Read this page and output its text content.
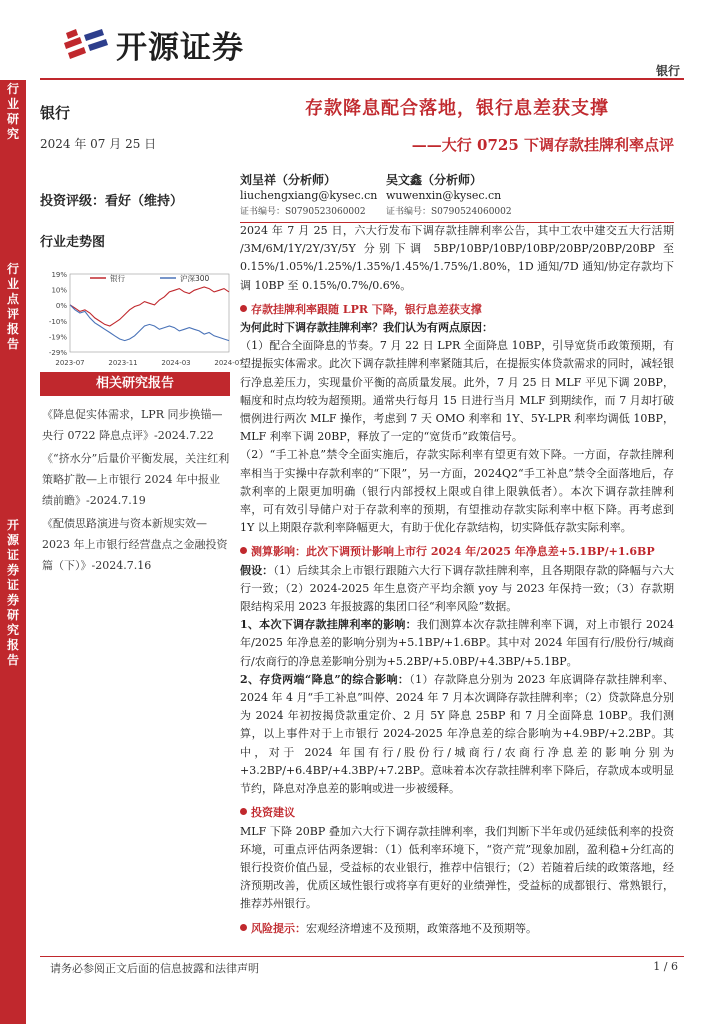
开源证券
银行
行业研究
行业点评报告
开源证券 证券研究报告
银行
2024 年 07 月 25 日
投资评级：看好（维持）
行业走势图
19%
10%
0%
-10%
-19%
-29%
2023-07	2023-11	2024-03	2024-07
银行	沪深300
相关研究报告
《降息促实体需求，LPR 同步换锚—央行 0722 降息点评》-2024.7.22
《“挤水分”后量价平衡发展，关注红利策略扩散—上市银行 2024 年中报业绩前瞻》-2024.7.19
《配债思路演进与资本新规实效—2023 年上市银行经营盘点之金融投资篇（下）》-2024.7.16
存款降息配合落地，银行息差获支撑
——大行 0725 下调存款挂牌利率点评
刘呈祥（分析师）
liuchengxiang@kysec.cn
证书编号：S0790523060002
吴文鑫（分析师）
wuwenxin@kysec.cn
证书编号：S0790524060002

2024 年 7 月 25 日，六大行发布下调存款挂牌利率公告，其中工农中建交五大行活期 /3M/6M/1Y/2Y/3Y/5Y 分别下调 5BP/10BP/10BP/10BP/20BP/20BP/20BP 至 0.15%/1.05%/1.25%/1.35%/1.45%/1.75%/1.80%，1D 通知/7D 通知/协定存款均下调 10BP 至 0.15%/0.7%/0.6%。

存款挂牌利率跟随 LPR 下降，银行息差获支撑

为何此时下调存款挂牌利率？我们认为有两点原因：

（1）配合全面降息的节奏。7 月 22 日 LPR 全面降息 10BP，引导宽货币政策预期，有望提振实体需求。此次下调存款挂牌利率紧随其后，在提振实体贷款需求的同时，减轻银行净息差压力，实现量价平衡的高质量发展。此外，7 月 25 日 MLF 平见下调 20BP，幅度和时点均较为超预期。通常央行每月 15 日进行当月 MLF 到期续作，而 7 月却打破惯例进行两次 MLF 操作，考虑到 7 天 OMO 利率和 1Y、5Y-LPR 利率均调低 10BP，MLF 利率下调 20BP，释放了一定的“宽货币”政策信号。

（2）“手工补息”禁令全面实施后，存款实际利率有望更有效下降。一方面，存款挂牌利率相当于实操中存款利率的“下限”，另一方面，2024Q2“手工补息”禁令全面落地后，存款利率的上限更加明确（银行内部授权上限或自律上限孰低者）。本次下调存款挂牌利率，可有效引导储户对于存款利率的预期，有望推动存款实际利率中枢下降。再考虑到 1Y 以上期限存款利率降幅更大，有助于优化存款结构，切实降低存款实际利率。

测算影响：此次下调预计影响上市行 2024 年/2025 年净息差+5.1BP/+1.6BP

假设：（1）后续其余上市银行跟随六大行下调存款挂牌利率，且各期限存款的降幅与六大行一致；（2）2024-2025 年生息资产平均余额 yoy 与 2023 年保持一致；（3）存款期限结构采用 2023 年报披露的集团口径“利率风险”数据。

1、本次下调存款挂牌利率的影响：我们测算本次存款挂牌利率下调，对上市银行 2024 年/2025 年净息差的影响分别为+5.1BP/+1.6BP。其中对 2024 年国有行/股份行/城商行/农商行的净息差影响分别为+5.2BP/+5.0BP/+4.3BP/+5.1BP。

2、存贷两端“降息”的综合影响：（1）存款降息分别为 2023 年底调降存款挂牌利率、2024 年 4 月“手工补息”叫停、2024 年 7 月本次调降存款挂牌利率；（2）贷款降息分别为 2024 年初按揭贷款重定价、2 月 5Y 降息 25BP 和 7 月全面降息 10BP。我们测算，以上事件对于上市银行 2024-2025 年净息差的综合影响为+4.9BP/+2.2BP。其中，对于 2024 年国有行/股份行/城商行/农商行净息差的影响分别为+3.2BP/+6.4BP/+4.3BP/+7.2BP。意味着本次存款挂牌利率下降后，存款成本或明显节约，降息对净息差的影响或进一步被缓释。

投资建议

MLF 下降 20BP 叠加六大行下调存款挂牌利率，我们判断下半年或仍延续低利率的投资环境，可重点评估两条逻辑：（1）低利率环境下，“资产荒”现象加剧，盈利稳+分红高的银行投资价值凸显，受益标的农业银行，推荐中信银行；（2）若随着后续的政策落地，经济预期改善，优质区域性银行或将享有更好的业绩弹性，受益标的成都银行、常熟银行，推荐苏州银行。

风险提示：宏观经济增速不及预期，政策落地不及预期等。

请务必参阅正文后面的信息披露和法律声明	1 / 6
